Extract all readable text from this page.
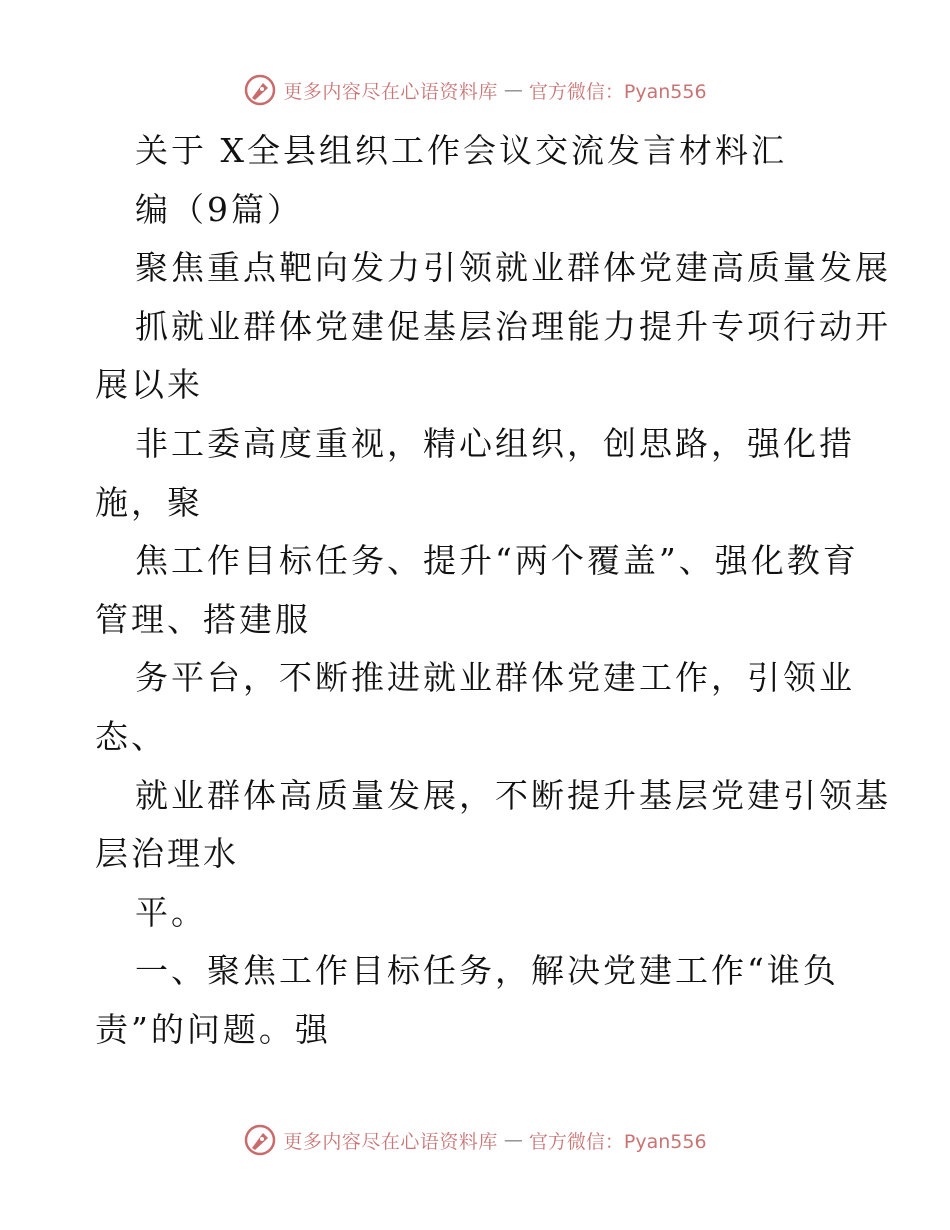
更多内容尽在心语资料库 — 官方微信：Pyan556
关于 X全县组织工作会议交流发言材料汇
编（9篇）
聚焦重点靶向发力引领就业群体党建高质量发展
抓就业群体党建促基层治理能力提升专项行动开
展以来
非工委高度重视，精心组织，创思路，强化措
施，聚
焦工作目标任务、提升“两个覆盖”、强化教育
管理、搭建服
务平台，不断推进就业群体党建工作，引领业
态、
就业群体高质量发展，不断提升基层党建引领基
层治理水
平。
一、聚焦工作目标任务，解决党建工作“谁负
责”的问题。强
更多内容尽在心语资料库 — 官方微信：Pyan556
